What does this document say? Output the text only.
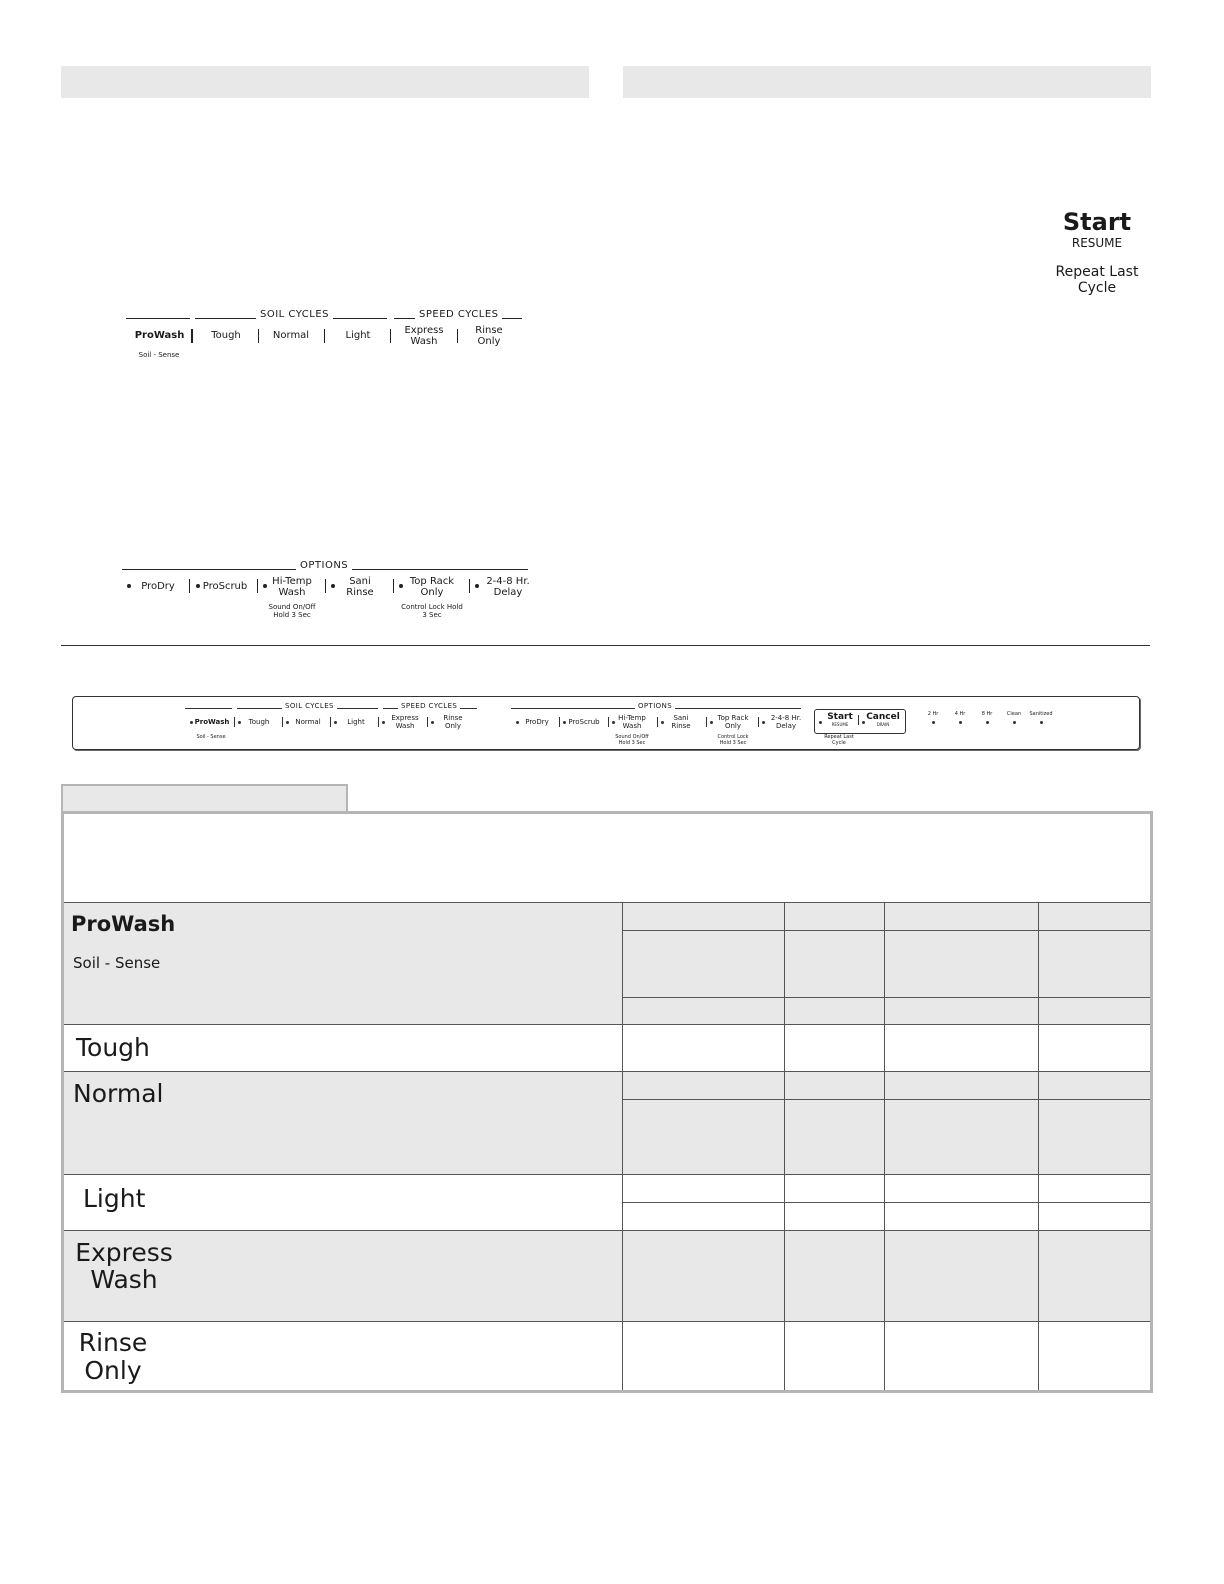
SOIL CYCLES	SPEED CYCLES
ProWash
Soil - Sense
Tough	Normal	Light	Express Wash
Rinse Only
Start
RESUME
Repeat Last Cycle
OPTIONS
ProDry	ProScrub Hi-Temp Wash
Sound On/Off Hold 3 Sec
Sani Rinse
Top Rack Only
Control Lock Hold 3 Sec
2-4-8 Hr. Delay
SOIL CYCLES	SPEED CYCLES	OPTIONS
ProWash
Soil - Sense
Tough	Normal	Light	Express Wash
Rinse Only	ProDry	ProScrub	Hi-Temp Wash
Sound On/Off Hold 3 Sec
Sani Rinse
Top Rack Only
Control Lock Hold 3 Sec
2-4-8 Hr. Delay
Start
RESUME
Cancel
DRAIN
Repeat Last Cycle
2 Hr	4 Hr	8 Hr	Clean	Sanitized
ProWash
Soil - Sense
Tough
Normal
Light
Express Wash
Rinse Only
